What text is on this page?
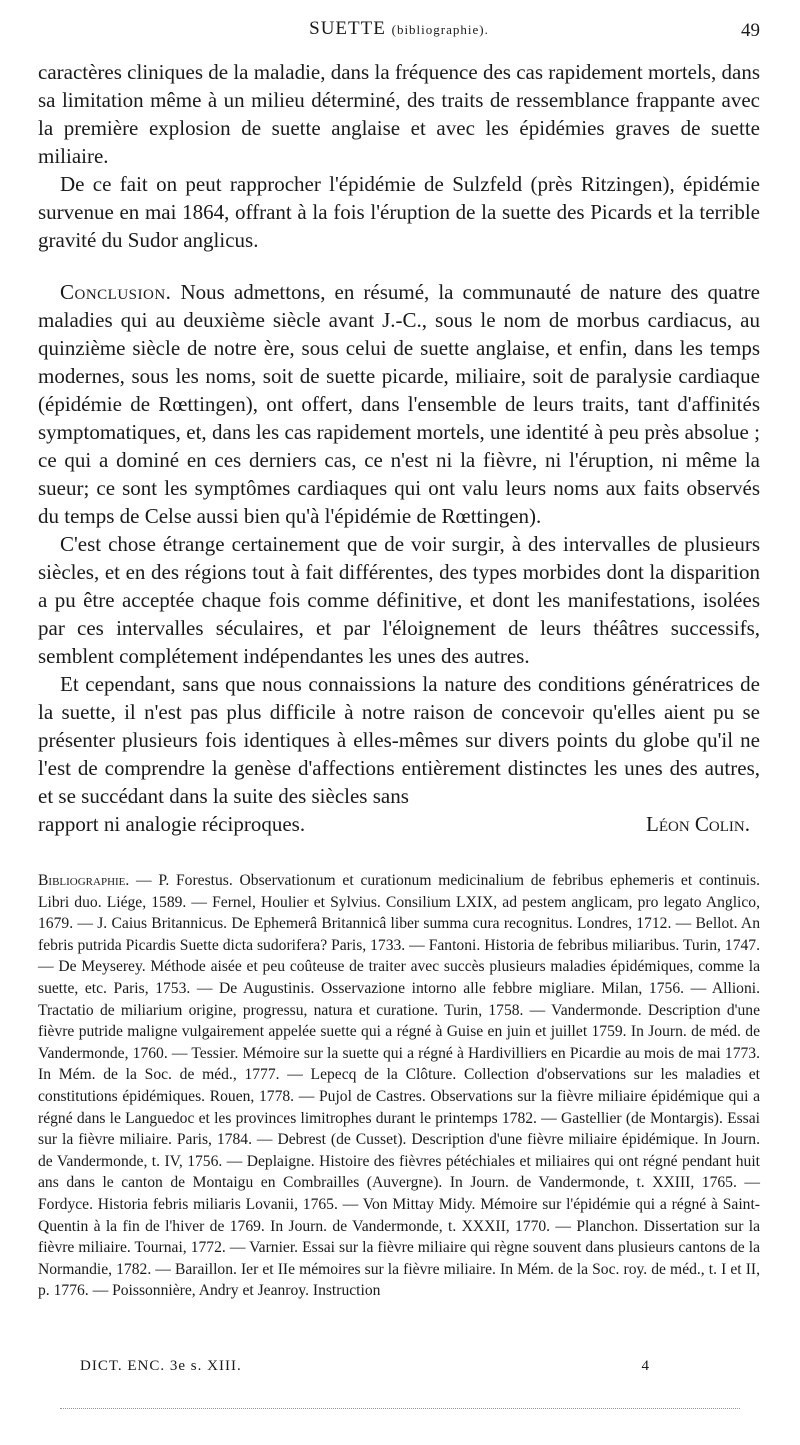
SUETTE (bibliographie).	49

caractères cliniques de la maladie, dans la fréquence des cas rapidement mortels, dans sa limitation même à un milieu déterminé, des traits de ressemblance frappante avec la première explosion de suette anglaise et avec les épidémies graves de suette miliaire.

De ce fait on peut rapprocher l'épidémie de Sulzfeld (près Ritzingen), épidémie survenue en mai 1864, offrant à la fois l'éruption de la suette des Picards et la terrible gravité du Sudor anglicus.

Conclusion. Nous admettons, en résumé, la communauté de nature des quatre maladies qui au deuxième siècle avant J.-C., sous le nom de morbus cardiacus, au quinzième siècle de notre ère, sous celui de suette anglaise, et enfin, dans les temps modernes, sous les noms, soit de suette picarde, miliaire, soit de paralysie cardiaque (épidémie de Rœttingen), ont offert, dans l'ensemble de leurs traits, tant d'affinités symptomatiques, et, dans les cas rapidement mortels, une identité à peu près absolue ; ce qui a dominé en ces derniers cas, ce n'est ni la fièvre, ni l'éruption, ni même la sueur; ce sont les symptômes cardiaques qui ont valu leurs noms aux faits observés du temps de Celse aussi bien qu'à l'épidémie de Rœttingen).

C'est chose étrange certainement que de voir surgir, à des intervalles de plusieurs siècles, et en des régions tout à fait différentes, des types morbides dont la disparition a pu être acceptée chaque fois comme définitive, et dont les manifestations, isolées par ces intervalles séculaires, et par l'éloignement de leurs théâtres successifs, semblent complétement indépendantes les unes des autres.

Et cependant, sans que nous connaissions la nature des conditions génératrices de la suette, il n'est pas plus difficile à notre raison de concevoir qu'elles aient pu se présenter plusieurs fois identiques à elles-mêmes sur divers points du globe qu'il ne l'est de comprendre la genèse d'affections entièrement distinctes les unes des autres, et se succédant dans la suite des siècles sans

rapport ni analogie réciproques.	Léon Colin.
Bibliographie. — P. Forestus. Observationum et curationum medicinalium de febribus ephemeris et continuis. Libri duo. Liége, 1589. — Fernel, Houlier et Sylvius. Consilium LXIX, ad pestem anglicam, pro legato Anglico, 1679. — J. Caius Britannicus. De Ephemerâ Britannicâ liber summa cura recognitus. Londres, 1712. — Bellot. An febris putrida Picardis Suette dicta sudorifera? Paris, 1733. — Fantoni. Historia de febribus miliaribus. Turin, 1747. — De Meyserey. Méthode aisée et peu coûteuse de traiter avec succès plusieurs maladies épidémiques, comme la suette, etc. Paris, 1753. — De Augustinis. Osservazione intorno alle febbre migliare. Milan, 1756. — Allioni. Tractatio de miliarium origine, progressu, natura et curatione. Turin, 1758. — Vandermonde. Description d'une fièvre putride maligne vulgairement appelée suette qui a régné à Guise en juin et juillet 1759. In Journ. de méd. de Vandermonde, 1760. — Tessier. Mémoire sur la suette qui a régné à Hardivilliers en Picardie au mois de mai 1773. In Mém. de la Soc. de méd., 1777. — Lepecq de la Clôture. Collection d'observations sur les maladies et constitutions épidémiques. Rouen, 1778. — Pujol de Castres. Observations sur la fièvre miliaire épidémique qui a régné dans le Languedoc et les provinces limitrophes durant le printemps 1782. — Gastellier (de Montargis). Essai sur la fièvre miliaire. Paris, 1784. — Debrest (de Cusset). Description d'une fièvre miliaire épidémique. In Journ. de Vandermonde, t. IV, 1756. — Deplaigne. Histoire des fièvres pétéchiales et miliaires qui ont régné pendant huit ans dans le canton de Montaigu en Combrailles (Auvergne). In Journ. de Vandermonde, t. XXIII, 1765. — Fordyce. Historia febris miliaris Lovanii, 1765. — Von Mittay Midy. Mémoire sur l'épidémie qui a régné à Saint-Quentin à la fin de l'hiver de 1769. In Journ. de Vandermonde, t. XXXII, 1770. — Planchon. Dissertation sur la fièvre miliaire. Tournai, 1772. — Varnier. Essai sur la fièvre miliaire qui règne souvent dans plusieurs cantons de la Normandie, 1782. — Baraillon. Ier et IIe mémoires sur la fièvre miliaire. In Mém. de la Soc. roy. de méd., t. I et II, p. 1776. — Poissonnière, Andry et Jeanroy. Instruction
DICT. ENC. 3e s. XIII.	4
